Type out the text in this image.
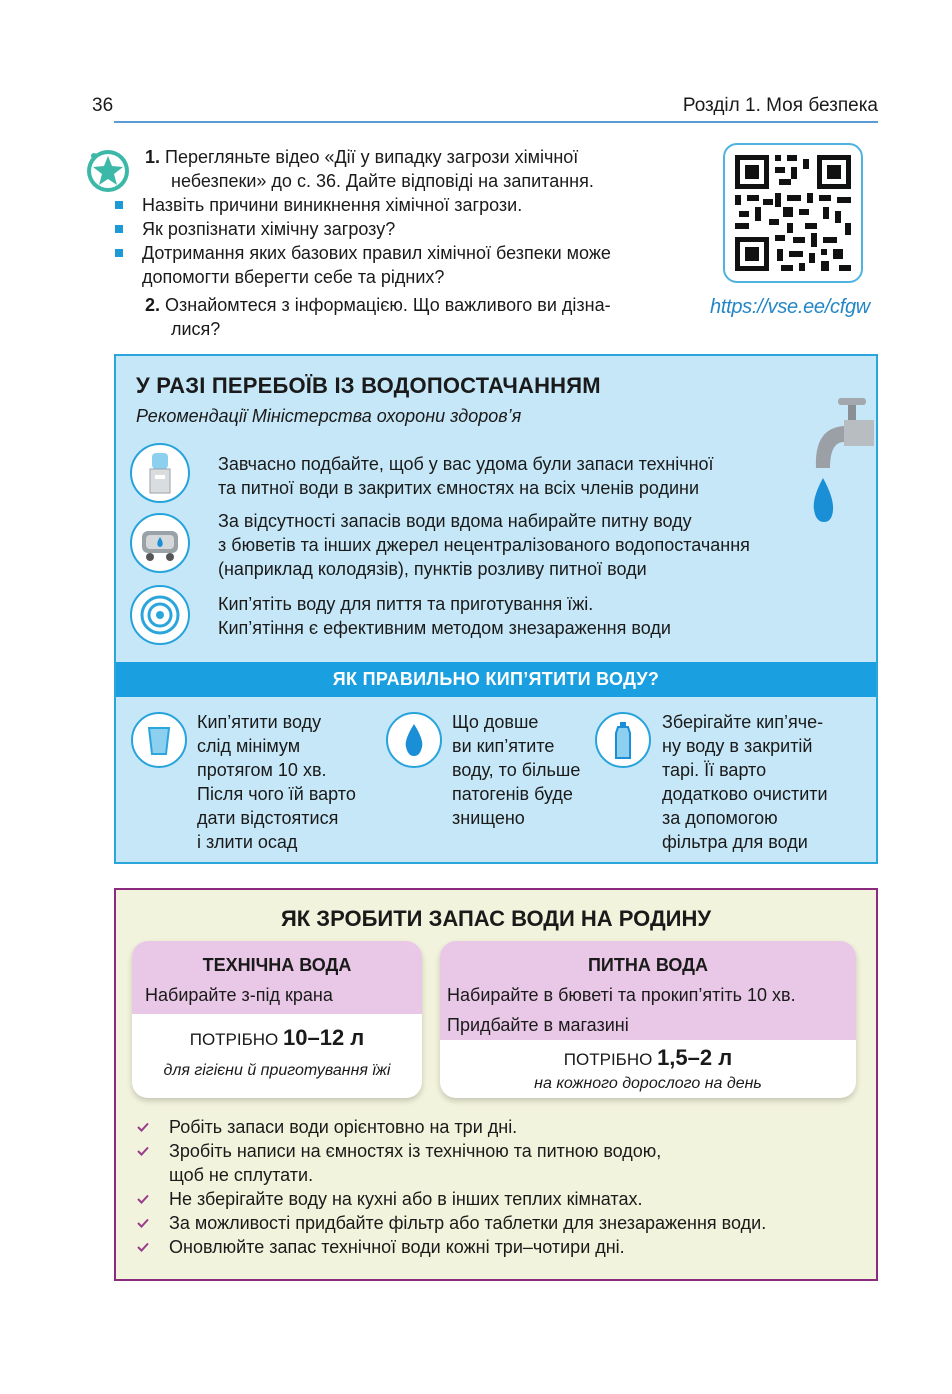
36	Розділ 1. Моя безпека
1. Перегляньте відео «Дії у випадку загрози хімічної
небезпеки» до с. 36. Дайте відповіді на запитання.
Назвіть причини виникнення хімічної загрози.
Як розпізнати хімічну загрозу?
Дотримання яких базових правил хімічної безпеки може допомогти вберегти себе та рідних?
2. Ознайомтеся з інформацією. Що важливого ви дізна-
лися?
https://vse.ee/cfgw
У РАЗІ ПЕРЕБОЇВ ІЗ ВОДОПОСТАЧАННЯМ
Рекомендації Міністерства охорони здоров’я
Завчасно подбайте, щоб у вас удома були запаси технічної
та питної води в закритих ємностях на всіх членів родини
За відсутності запасів води вдома набирайте питну воду
з бюветів та інших джерел нецентралізованого водопостачання
(наприклад колодязів), пунктів розливу питної води
Кип’ятіть воду для пиття та приготування їжі.
Кип’ятіння є ефективним методом знезараження води
ЯК ПРАВИЛЬНО КИП’ЯТИТИ ВОДУ?
Кип’ятити воду
слід мінімум
протягом 10 хв.
Після чого їй варто
дати відстоятися
і злити осад
Що довше
ви кип’ятите
воду, то більше
патогенів буде
знищено
Зберігайте кип’яче-
ну воду в закритій
тарі. Її варто
додатково очистити
за допомогою
фільтра для води
ЯК ЗРОБИТИ ЗАПАС ВОДИ НА РОДИНУ
ТЕХНІЧНА ВОДА
Набирайте з-під крана
ПОТРІБНО 10–12 л
для гігієни й приготування їжі
ПИТНА ВОДА
Набирайте в бюветі та прокип’ятіть 10 хв.
Придбайте в магазині
ПОТРІБНО 1,5–2 л
на кожного дорослого на день
Робіть запаси води орієнтовно на три дні.
Зробіть написи на ємностях із технічною та питною водою,
щоб не сплутати.
Не зберігайте воду на кухні або в інших теплих кімнатах.
За можливості придбайте фільтр або таблетки для знезараження води.
Оновлюйте запас технічної води кожні три–чотири дні.
